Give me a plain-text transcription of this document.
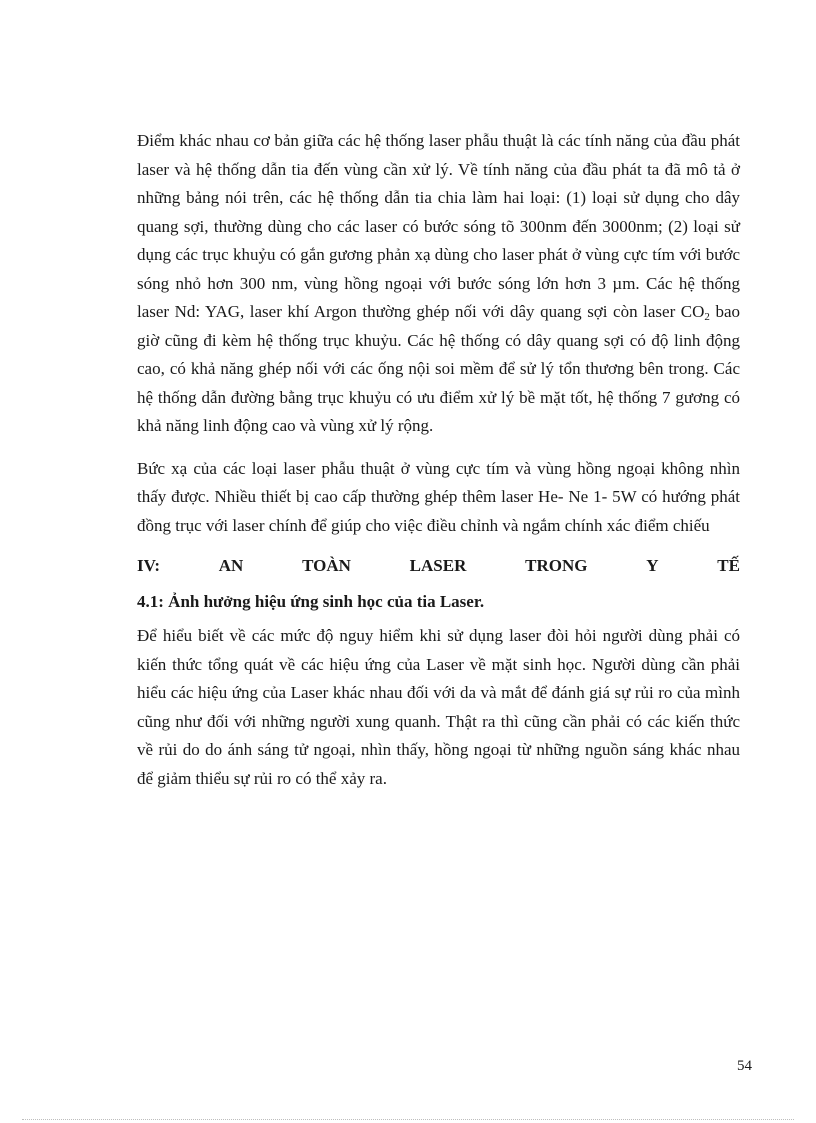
Điểm khác nhau cơ bản giữa các hệ thống laser phẫu thuật là các tính năng của đầu phát laser và hệ thống dẫn tia đến vùng cần xử lý. Về tính năng của đầu phát ta đã mô tả ở những bảng nói trên, các hệ thống dẫn tia chia làm hai loại: (1) loại sử dụng cho dây quang sợi, thường dùng cho các laser có bước sóng tõ 300nm đến 3000nm; (2) loại sử dụng các trục khuỷu có gắn gương phản xạ dùng cho laser phát ở vùng cực tím với bước sóng nhỏ hơn 300 nm, vùng hồng ngoại với bước sóng lớn hơn 3 µm. Các hệ thống laser Nd: YAG, laser khí Argon thường ghép nối với dây quang sợi còn laser $CO_2$ bao giờ cũng đi kèm hệ thống trục khuỷu. Các hệ thống có dây quang sợi có độ linh động cao, có khả năng ghép nối với các ống nội soi mềm để sử lý tổn thương bên trong. Các hệ thống dẫn đường bằng trục khuỷu có ưu điểm xử lý bề mặt tốt, hệ thống 7 gương có khả năng linh động cao và vùng xử lý rộng.

Bức xạ của các loại laser phẫu thuật ở vùng cực tím và vùng hồng ngoại không nhìn thấy được. Nhiều thiết bị cao cấp thường ghép thêm laser He- Ne 1- 5W có hướng phát đồng trục với laser chính để giúp cho việc điều chỉnh và ngắm chính xác điểm chiếu

IV:	AN	TOÀN	LASER	TRONG	Y	TẾ
4.1: Ảnh hưởng hiệu ứng sinh học của tia Laser.

Để hiểu biết về các mức độ nguy hiểm khi sử dụng laser đòi hỏi người dùng phải có kiến thức tổng quát về các hiệu ứng của Laser về mặt sinh học. Người dùng cần phải hiểu các hiệu ứng của Laser khác nhau đối với da và mắt để đánh giá sự rủi ro của mình cũng như đối với những người xung quanh. Thật ra thì cũng cần phải có các kiến thức về rủi do do ánh sáng tử ngoại, nhìn thấy, hồng ngoại từ những nguồn sáng khác nhau để giảm thiểu sự rủi ro có thể xảy ra.

54
